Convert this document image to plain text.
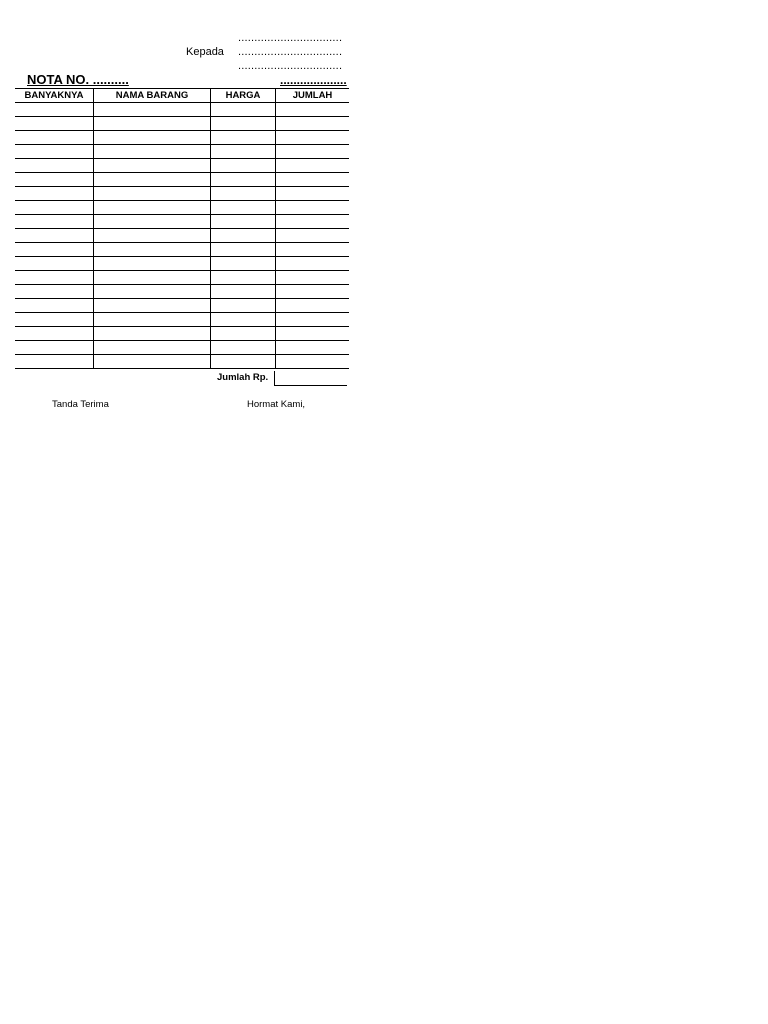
................................
Kepada ................................
................................
NOTA NO. ..........	....................
BANYAKNYA	NAMA BARANG	HARGA	JUMLAH

Jumlah Rp.
Tanda Terima	Hormat Kami,
